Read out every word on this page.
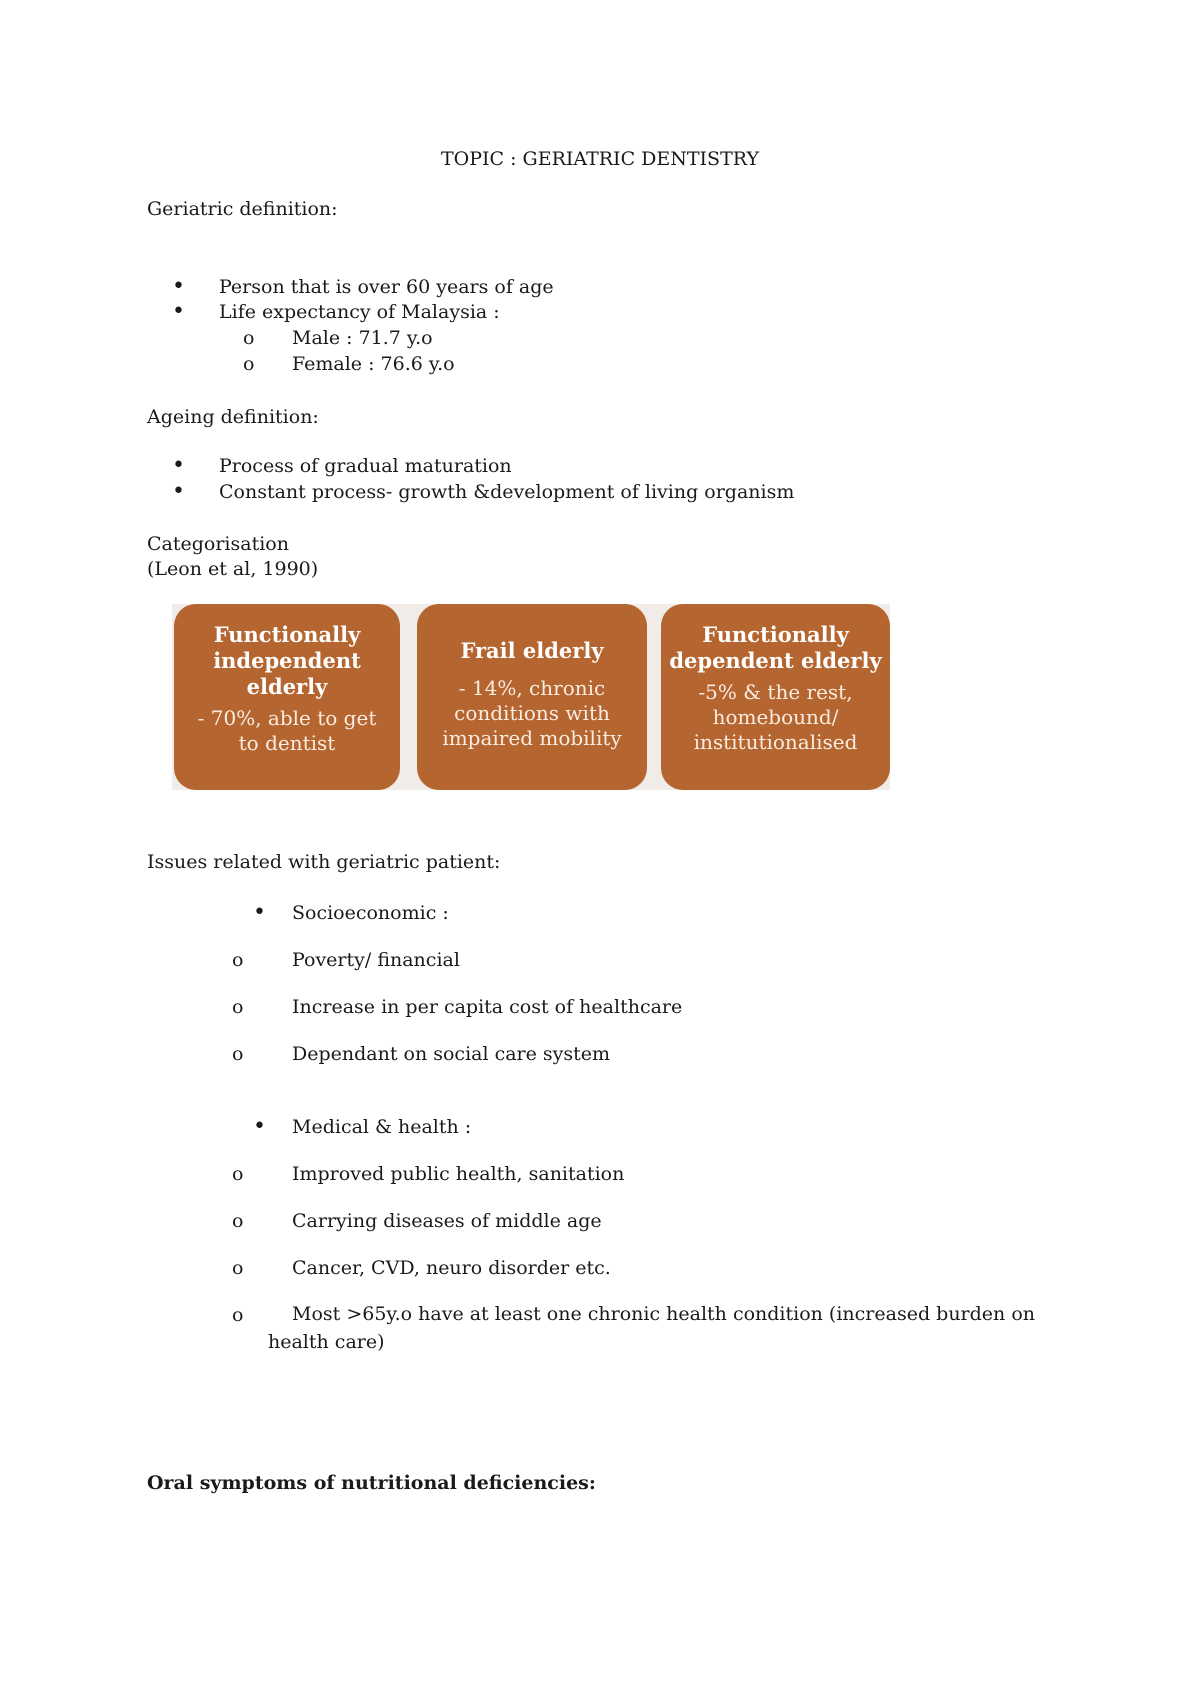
TOPIC : GERIATRIC DENTISTRY
Geriatric definition:
• Person that is over 60 years of age
• Life expectancy of Malaysia :
o Male : 71.7 y.o
o Female : 76.6 y.o
Ageing definition:
• Process of gradual maturation
• Constant process- growth &development of living organism
Categorisation
(Leon et al, 1990)
Functionally
independent
elderly
- 70%, able to get
to dentist
Frail elderly
- 14%, chronic
conditions with
impaired mobility
Functionally
dependent elderly
-5% & the rest,
homebound/
institutionalised
Issues related with geriatric patient:
• Socioeconomic :
o	Poverty/ financial
o	Increase in per capita cost of healthcare
o	Dependant on social care system
• Medical & health :
o	Improved public health, sanitation
o	Carrying diseases of middle age
o	Cancer, CVD, neuro disorder etc.
o	Most >65y.o have at least one chronic health condition (increased burden on health care)
Oral symptoms of nutritional deficiencies:
